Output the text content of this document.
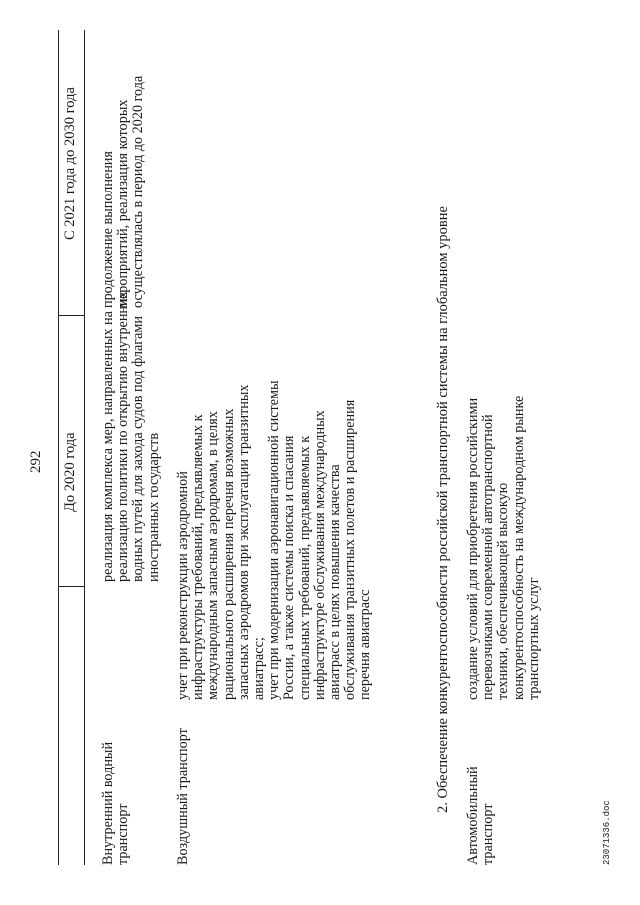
292 До 2020 года
С 2021 года до 2030 года
Внутренний водный транспорт
реализация комплекса мер, направленных на реализацию политики по открытию внутренних водных путей для захода судов под флагами иностранных государств
продолжение выполнения мероприятий, реализация которых осуществлялась в период до 2020 года
Воздушный транспорт
учет при реконструкции аэродромной инфраструктуры требований, предъявляемых к международным запасным аэродромам, в целях рационального расширения перечня возможных запасных аэродромов при эксплуатации транзитных авиатрасс; учет при модернизации аэронавигационной системы России, а также системы поиска и спасания специальных требований, предъявляемых к инфраструктуре обслуживания международных авиатрасс в целях повышения качества обслуживания транзитных полетов и расширения перечня авиатрасс	2. Обеспечение конкурентоспособности российской транспортной системы на глобальном уровне
Автомобильный транспорт
создание условий для приобретения российскими перевозчиками современной автотранспортной техники, обеспечивающей высокую конкурентоспособность на международном рынке транспортных услуг
23071336.doc
